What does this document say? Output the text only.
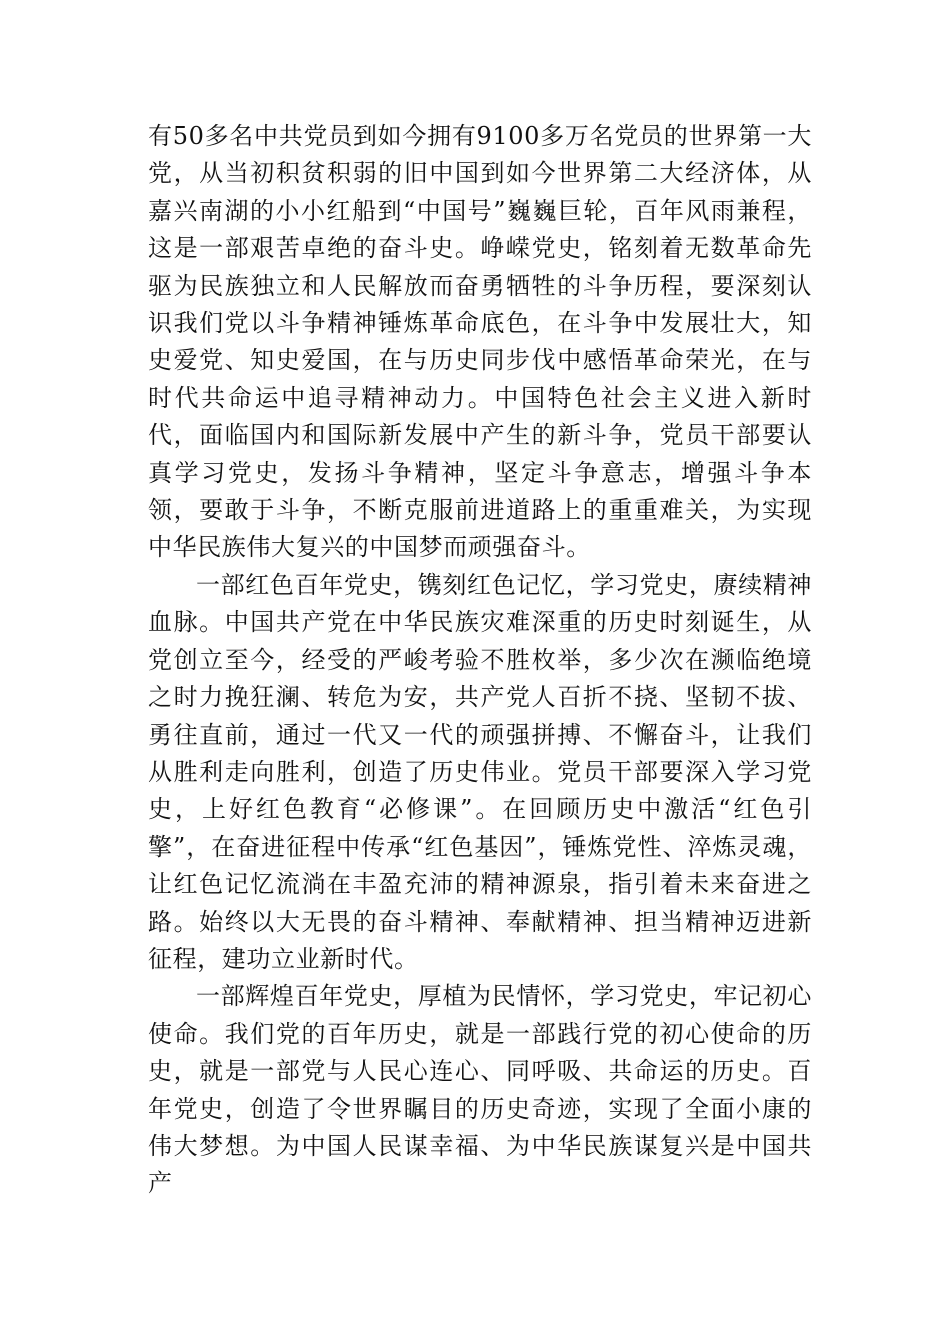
有50多名中共党员到如今拥有9100多万名党员的世界第一大党，从当初积贫积弱的旧中国到如今世界第二大经济体，从嘉兴南湖的小小红船到“中国号”巍巍巨轮，百年风雨兼程，这是一部艰苦卓绝的奋斗史。峥嵘党史，铭刻着无数革命先驱为民族独立和人民解放而奋勇牺牲的斗争历程，要深刻认识我们党以斗争精神锤炼革命底色，在斗争中发展壮大，知史爱党、知史爱国，在与历史同步伐中感悟革命荣光，在与时代共命运中追寻精神动力。中国特色社会主义进入新时代，面临国内和国际新发展中产生的新斗争，党员干部要认真学习党史，发扬斗争精神，坚定斗争意志，增强斗争本领，要敢于斗争，不断克服前进道路上的重重难关，为实现中华民族伟大复兴的中国梦而顽强奋斗。

一部红色百年党史，镌刻红色记忆，学习党史，赓续精神血脉。中国共产党在中华民族灾难深重的历史时刻诞生，从党创立至今，经受的严峻考验不胜枚举，多少次在濒临绝境之时力挽狂澜、转危为安，共产党人百折不挠、坚韧不拔、勇往直前，通过一代又一代的顽强拼搏、不懈奋斗，让我们从胜利走向胜利，创造了历史伟业。党员干部要深入学习党史，上好红色教育“必修课”。在回顾历史中激活“红色引擎”，在奋进征程中传承“红色基因”，锤炼党性、淬炼灵魂，让红色记忆流淌在丰盈充沛的精神源泉，指引着未来奋进之路。始终以大无畏的奋斗精神、奉献精神、担当精神迈进新征程，建功立业新时代。

一部辉煌百年党史，厚植为民情怀，学习党史，牢记初心使命。我们党的百年历史，就是一部践行党的初心使命的历史，就是一部党与人民心连心、同呼吸、共命运的历史。百年党史，创造了令世界瞩目的历史奇迹，实现了全面小康的伟大梦想。为中国人民谋幸福、为中华民族谋复兴是中国共产
